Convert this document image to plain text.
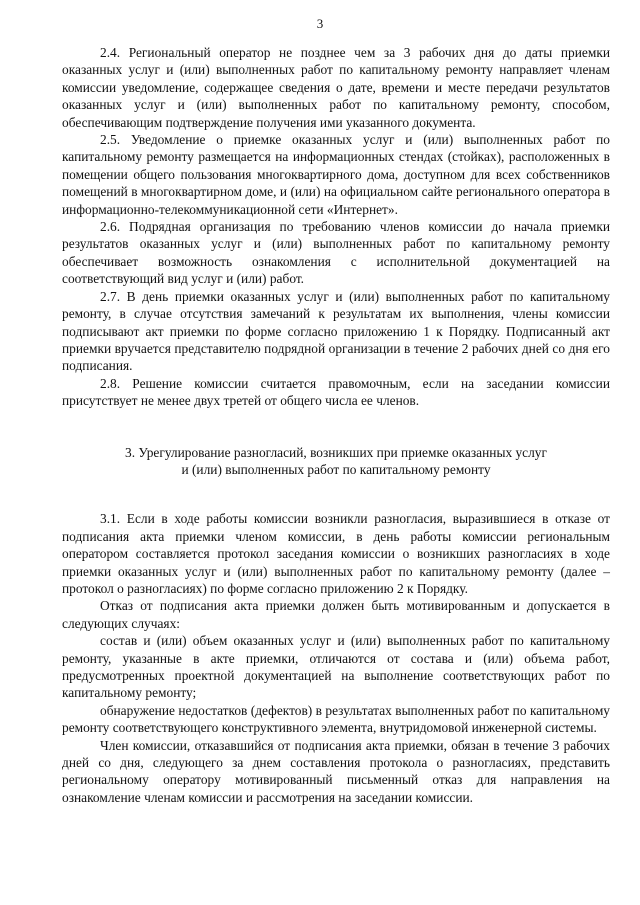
3

2.4. Региональный оператор не позднее чем за 3 рабочих дня до даты приемки оказанных услуг и (или) выполненных работ по капитальному ремонту направляет членам комиссии уведомление, содержащее сведения о дате, времени и месте передачи результатов оказанных услуг и (или) выполненных работ по капитальному ремонту, способом, обеспечивающим подтверждение получения ими указанного документа.

2.5. Уведомление о приемке оказанных услуг и (или) выполненных работ по капитальному ремонту размещается на информационных стендах (стойках), расположенных в помещении общего пользования многоквартирного дома, доступном для всех собственников помещений в многоквартирном доме, и (или) на официальном сайте регионального оператора в информационно-телекоммуникационной сети «Интернет».

2.6. Подрядная организация по требованию членов комиссии до начала приемки результатов оказанных услуг и (или) выполненных работ по капитальному ремонту обеспечивает возможность ознакомления с исполнительной документацией на соответствующий вид услуг и (или) работ.

2.7. В день приемки оказанных услуг и (или) выполненных работ по капитальному ремонту, в случае отсутствия замечаний к результатам их выполнения, члены комиссии подписывают акт приемки по форме согласно приложению 1 к Порядку. Подписанный акт приемки вручается представителю подрядной организации в течение 2 рабочих дней со дня его подписания.

2.8. Решение комиссии считается правомочным, если на заседании комиссии присутствует не менее двух третей от общего числа ее членов.

3. Урегулирование разногласий, возникших при приемке оказанных услуг
и (или) выполненных работ по капитальному ремонту

3.1. Если в ходе работы комиссии возникли разногласия, выразившиеся в отказе от подписания акта приемки членом комиссии, в день работы комиссии региональным оператором составляется протокол заседания комиссии о возникших разногласиях в ходе приемки оказанных услуг и (или) выполненных работ по капитальному ремонту (далее – протокол о разногласиях) по форме согласно приложению 2 к Порядку.

Отказ от подписания акта приемки должен быть мотивированным и допускается в следующих случаях:

состав и (или) объем оказанных услуг и (или) выполненных работ по капитальному ремонту, указанные в акте приемки, отличаются от состава и (или) объема работ, предусмотренных проектной документацией на выполнение соответствующих работ по капитальному ремонту;

обнаружение недостатков (дефектов) в результатах выполненных работ по капитальному ремонту соответствующего конструктивного элемента, внутридомовой инженерной системы.

Член комиссии, отказавшийся от подписания акта приемки, обязан в течение 3 рабочих дней со дня, следующего за днем составления протокола о разногласиях, представить региональному оператору мотивированный письменный отказ для направления на ознакомление членам комиссии и рассмотрения на заседании комиссии.
